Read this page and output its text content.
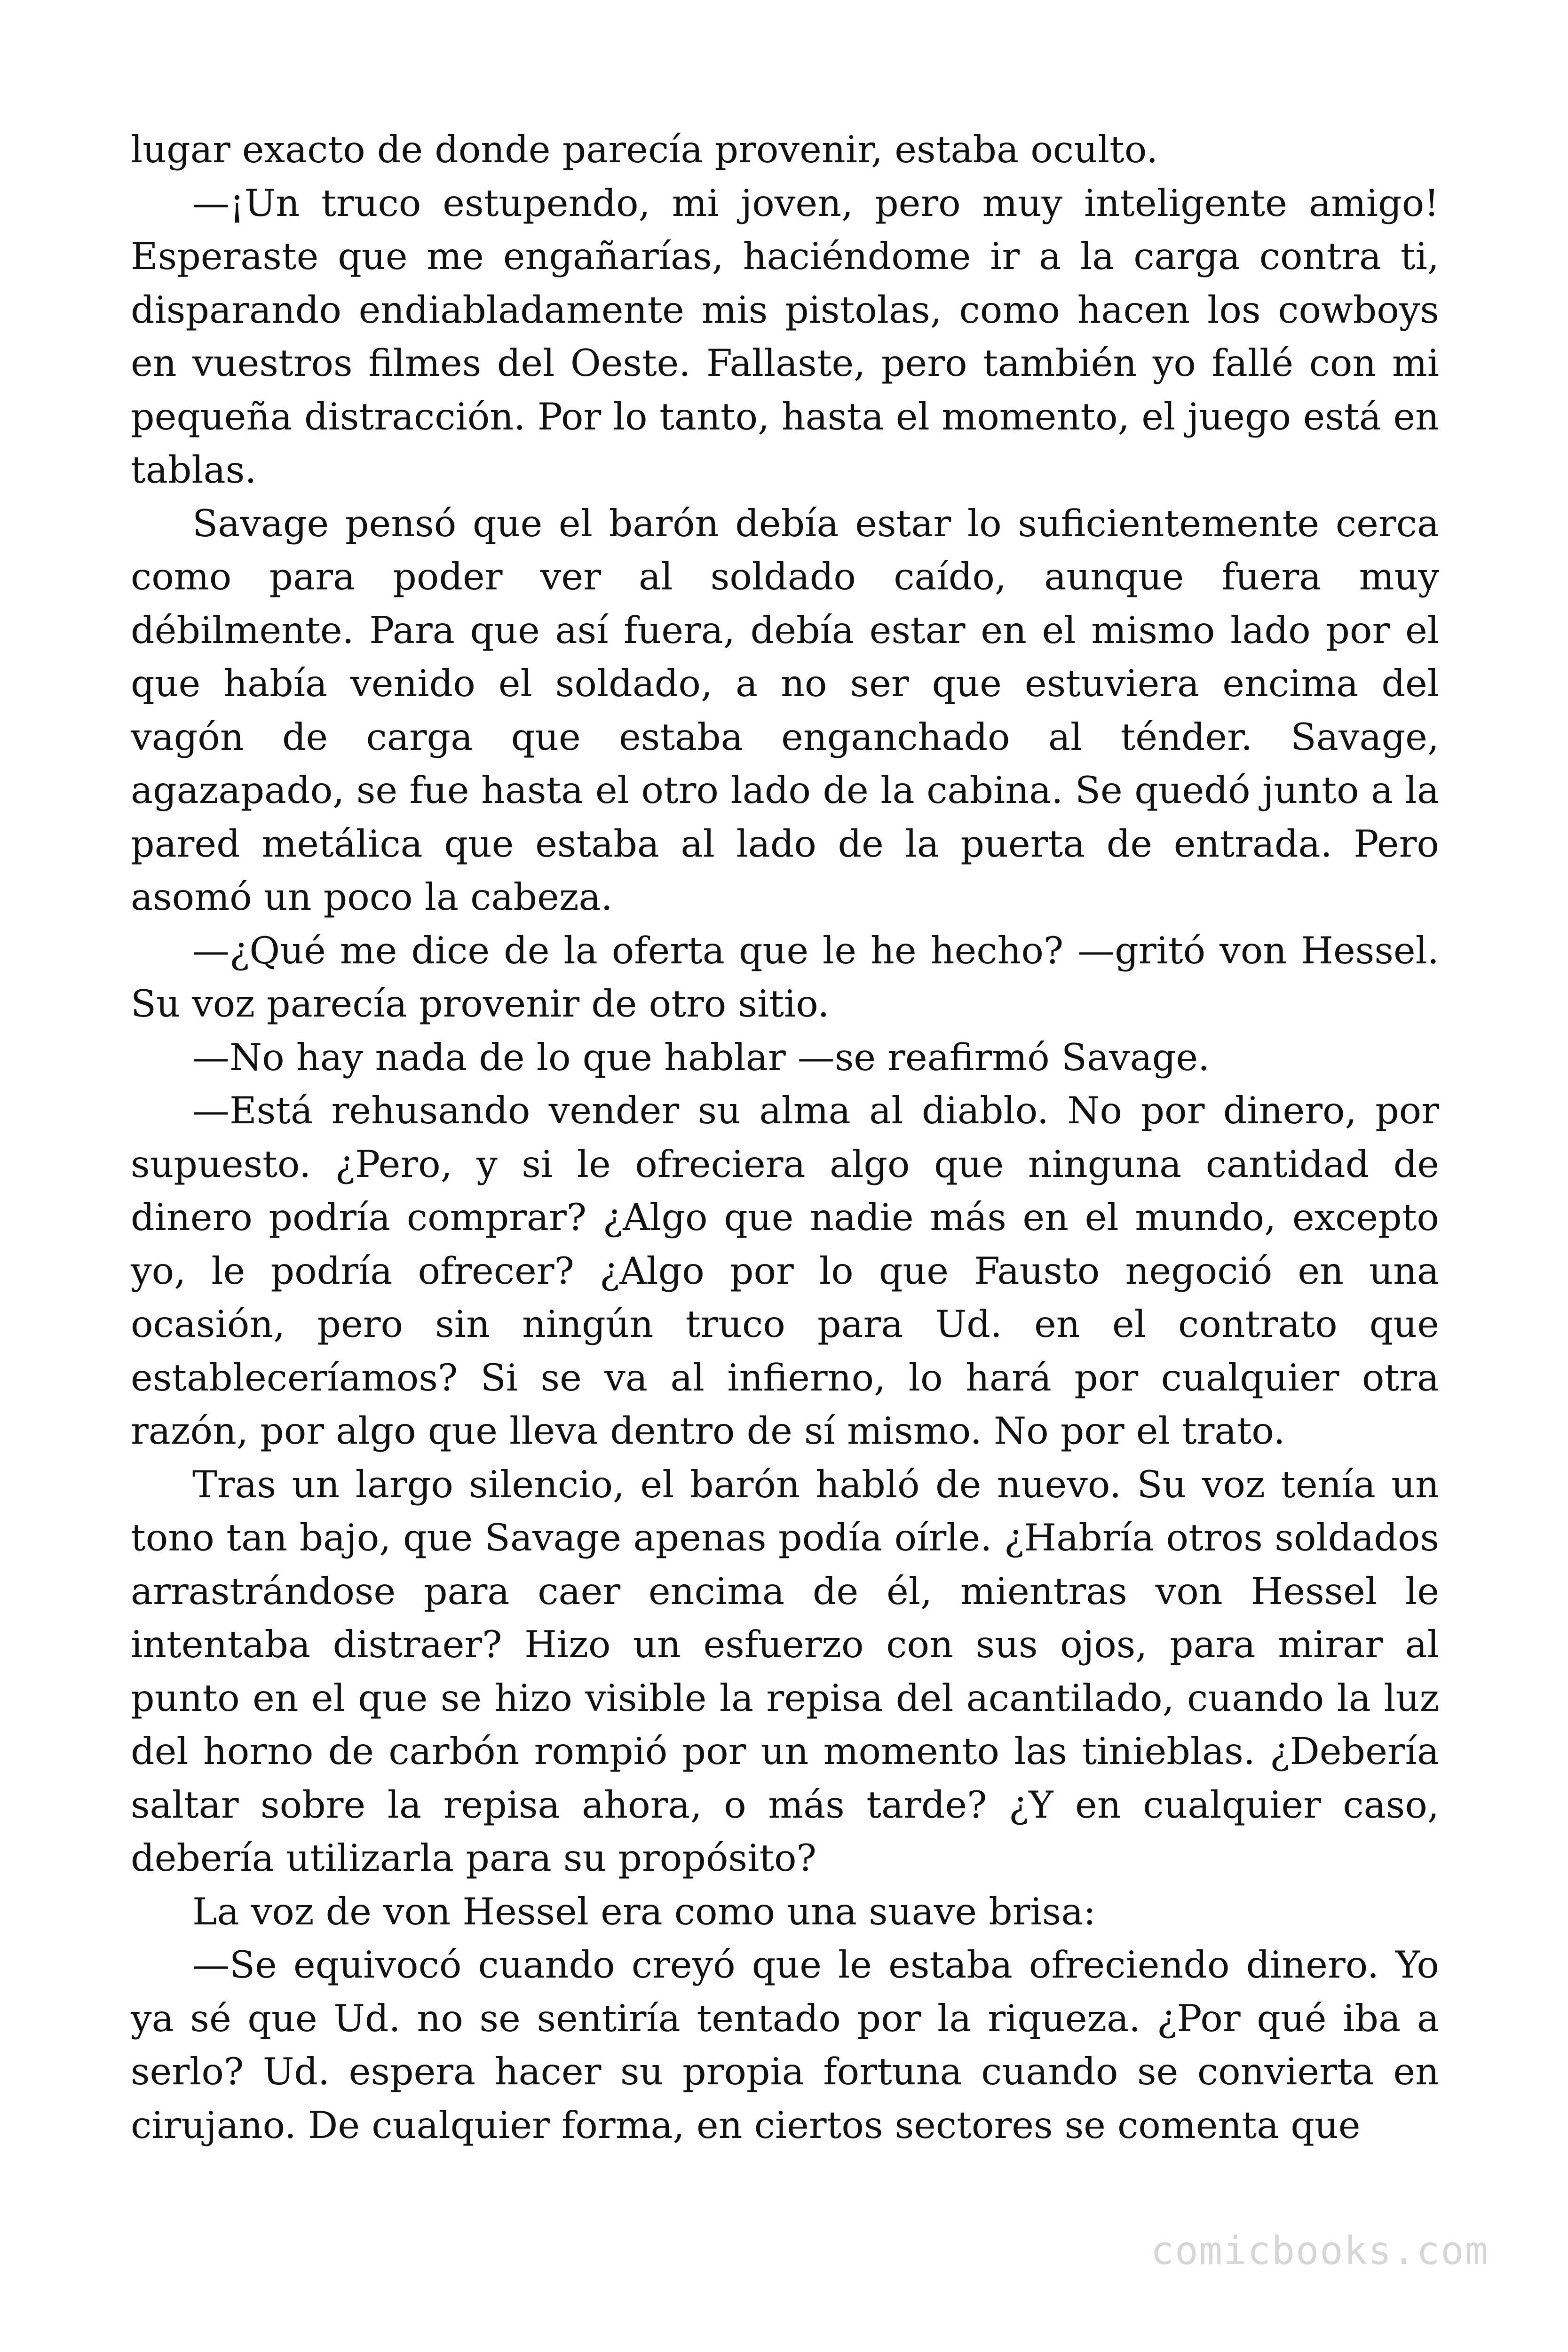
lugar exacto de donde parecía provenir, estaba oculto.

—¡Un truco estupendo, mi joven, pero muy inteligente amigo! Esperaste que me engañarías, haciéndome ir a la carga contra ti, disparando endiabladamente mis pistolas, como hacen los cowboys en vuestros filmes del Oeste. Fallaste, pero también yo fallé con mi pequeña distracción. Por lo tanto, hasta el momento, el juego está en tablas.

Savage pensó que el barón debía estar lo suficientemente cerca como para poder ver al soldado caído, aunque fuera muy débilmente. Para que así fuera, debía estar en el mismo lado por el que había venido el soldado, a no ser que estuviera encima del vagón de carga que estaba enganchado al ténder. Savage, agazapado, se fue hasta el otro lado de la cabina. Se quedó junto a la pared metálica que estaba al lado de la puerta de entrada. Pero asomó un poco la cabeza.

—¿Qué me dice de la oferta que le he hecho? —gritó von Hessel. Su voz parecía provenir de otro sitio.

—No hay nada de lo que hablar —se reafirmó Savage.

—Está rehusando vender su alma al diablo. No por dinero, por supuesto. ¿Pero, y si le ofreciera algo que ninguna cantidad de dinero podría comprar? ¿Algo que nadie más en el mundo, excepto yo, le podría ofrecer? ¿Algo por lo que Fausto negoció en una ocasión, pero sin ningún truco para Ud. en el contrato que estableceríamos? Si se va al infierno, lo hará por cualquier otra razón, por algo que lleva dentro de sí mismo. No por el trato.

Tras un largo silencio, el barón habló de nuevo. Su voz tenía un tono tan bajo, que Savage apenas podía oírle. ¿Habría otros soldados arrastrándose para caer encima de él, mientras von Hessel le intentaba distraer? Hizo un esfuerzo con sus ojos, para mirar al punto en el que se hizo visible la repisa del acantilado, cuando la luz del horno de carbón rompió por un momento las tinieblas. ¿Debería saltar sobre la repisa ahora, o más tarde? ¿Y en cualquier caso, debería utilizarla para su propósito?

La voz de von Hessel era como una suave brisa:

—Se equivocó cuando creyó que le estaba ofreciendo dinero. Yo ya sé que Ud. no se sentiría tentado por la riqueza. ¿Por qué iba a serlo? Ud. espera hacer su propia fortuna cuando se convierta en cirujano. De cualquier forma, en ciertos sectores se comenta que

comicbooks.com
